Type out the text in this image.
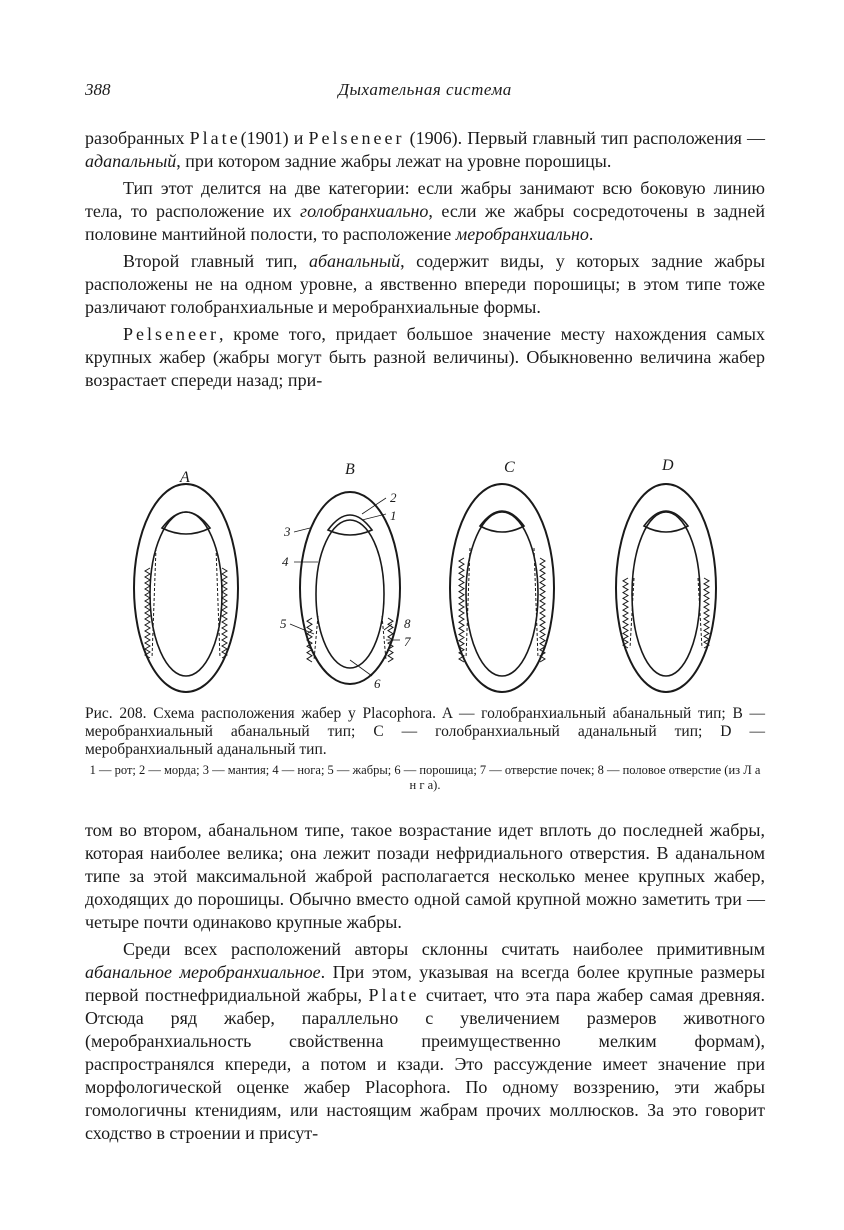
388	Дыхательная система

разобранных Plate(1901) и Pelseneer (1906). Первый главный тип расположения — адanальный, при котором задние жабры лежат на уровне порошицы.

Тип этот делится на две категории: если жабры занимают всю боковую линию тела, то расположение их голобранхиально, если же жабры сосредоточены в задней половине мантийной полости, то расположение меробранхиально.

Второй главный тип, абанальный, содержит виды, у которых задние жабры расположены не на одном уровне, а явственно впереди порошицы; в этом типе тоже различают голобранхиальные и меробранхиальные формы.

Pelseneer, кроме того, придает большое значение месту нахождения самых крупных жабер (жабры могут быть разной величины). Обыкновенно величина жабер возрастает спереди назад; при-

A	B	C	D
1
2
3
4
5
6
7
8

Рис. 208. Схема расположения жабер у Placophora. A — голобранхиальный абанальный тип; B — меробранхиальный абанальный тип; C — голобранхиальный аданальный тип; D — меробранхиальный аданальный тип.

1 — рот; 2 — морда; 3 — мантия; 4 — нога; 5 — жабры; 6 — порошица; 7 — отверстие почек; 8 — половое отверстие (из Л а н г а).

том во втором, абанальном типе, такое возрастание идет вплоть до последней жабры, которая наиболее велика; она лежит позади нефридиального отверстия. В аданальном типе за этой максимальной жаброй располагается несколько менее крупных жабер, доходящих до порошицы. Обычно вместо одной самой крупной можно заметить три — четыре почти одинаково крупные жабры.

Среди всех расположений авторы склонны считать наиболее примитивным абанальное меробранхиальное. При этом, указывая на всегда более крупные размеры первой постнефридиальной жабры, Plate считает, что эта пара жабер самая древняя. Отсюда ряд жабер, параллельно с увеличением размеров животного (меробранхиальность свойственна преимущественно мелким формам), распространялся кпереди, а потом и кзади. Это рассуждение имеет значение при морфологической оценке жабер Placophora. По одному воззрению, эти жабры гомологичны ктенидиям, или настоящим жабрам прочих моллюсков. За это говорит сходство в строении и присут-
